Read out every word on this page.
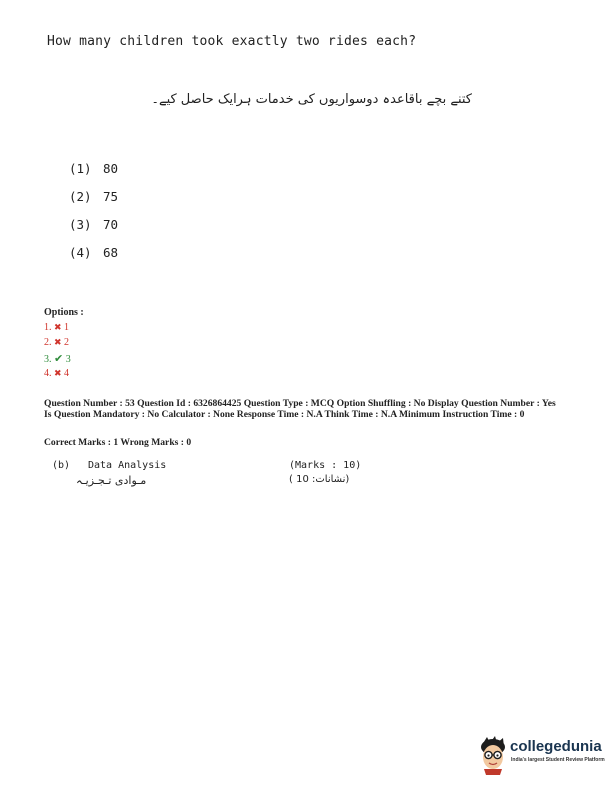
How many children took exactly two rides each?
کتنے بچے باقاعدہ دوسواریوں کی خدمات ہرایک حاصل کیے۔
(1) 80
(2) 75
(3) 70
(4) 68
Options :
1. ✖ 1
2. ✖ 2
3. ✔ 3
4. ✖ 4
Question Number : 53 Question Id : 6326864425 Question Type : MCQ Option Shuffling : No Display Question Number : Yes Is Question Mandatory : No Calculator : None Response Time : N.A Think Time : N.A Minimum Instruction Time : 0
Correct Marks : 1 Wrong Marks : 0
(b) Data Analysis	(Marks : 10)
مـوادی تـجـزیـہ	( نشانات: 10)
collegedunia
India's largest Student Review Platform
